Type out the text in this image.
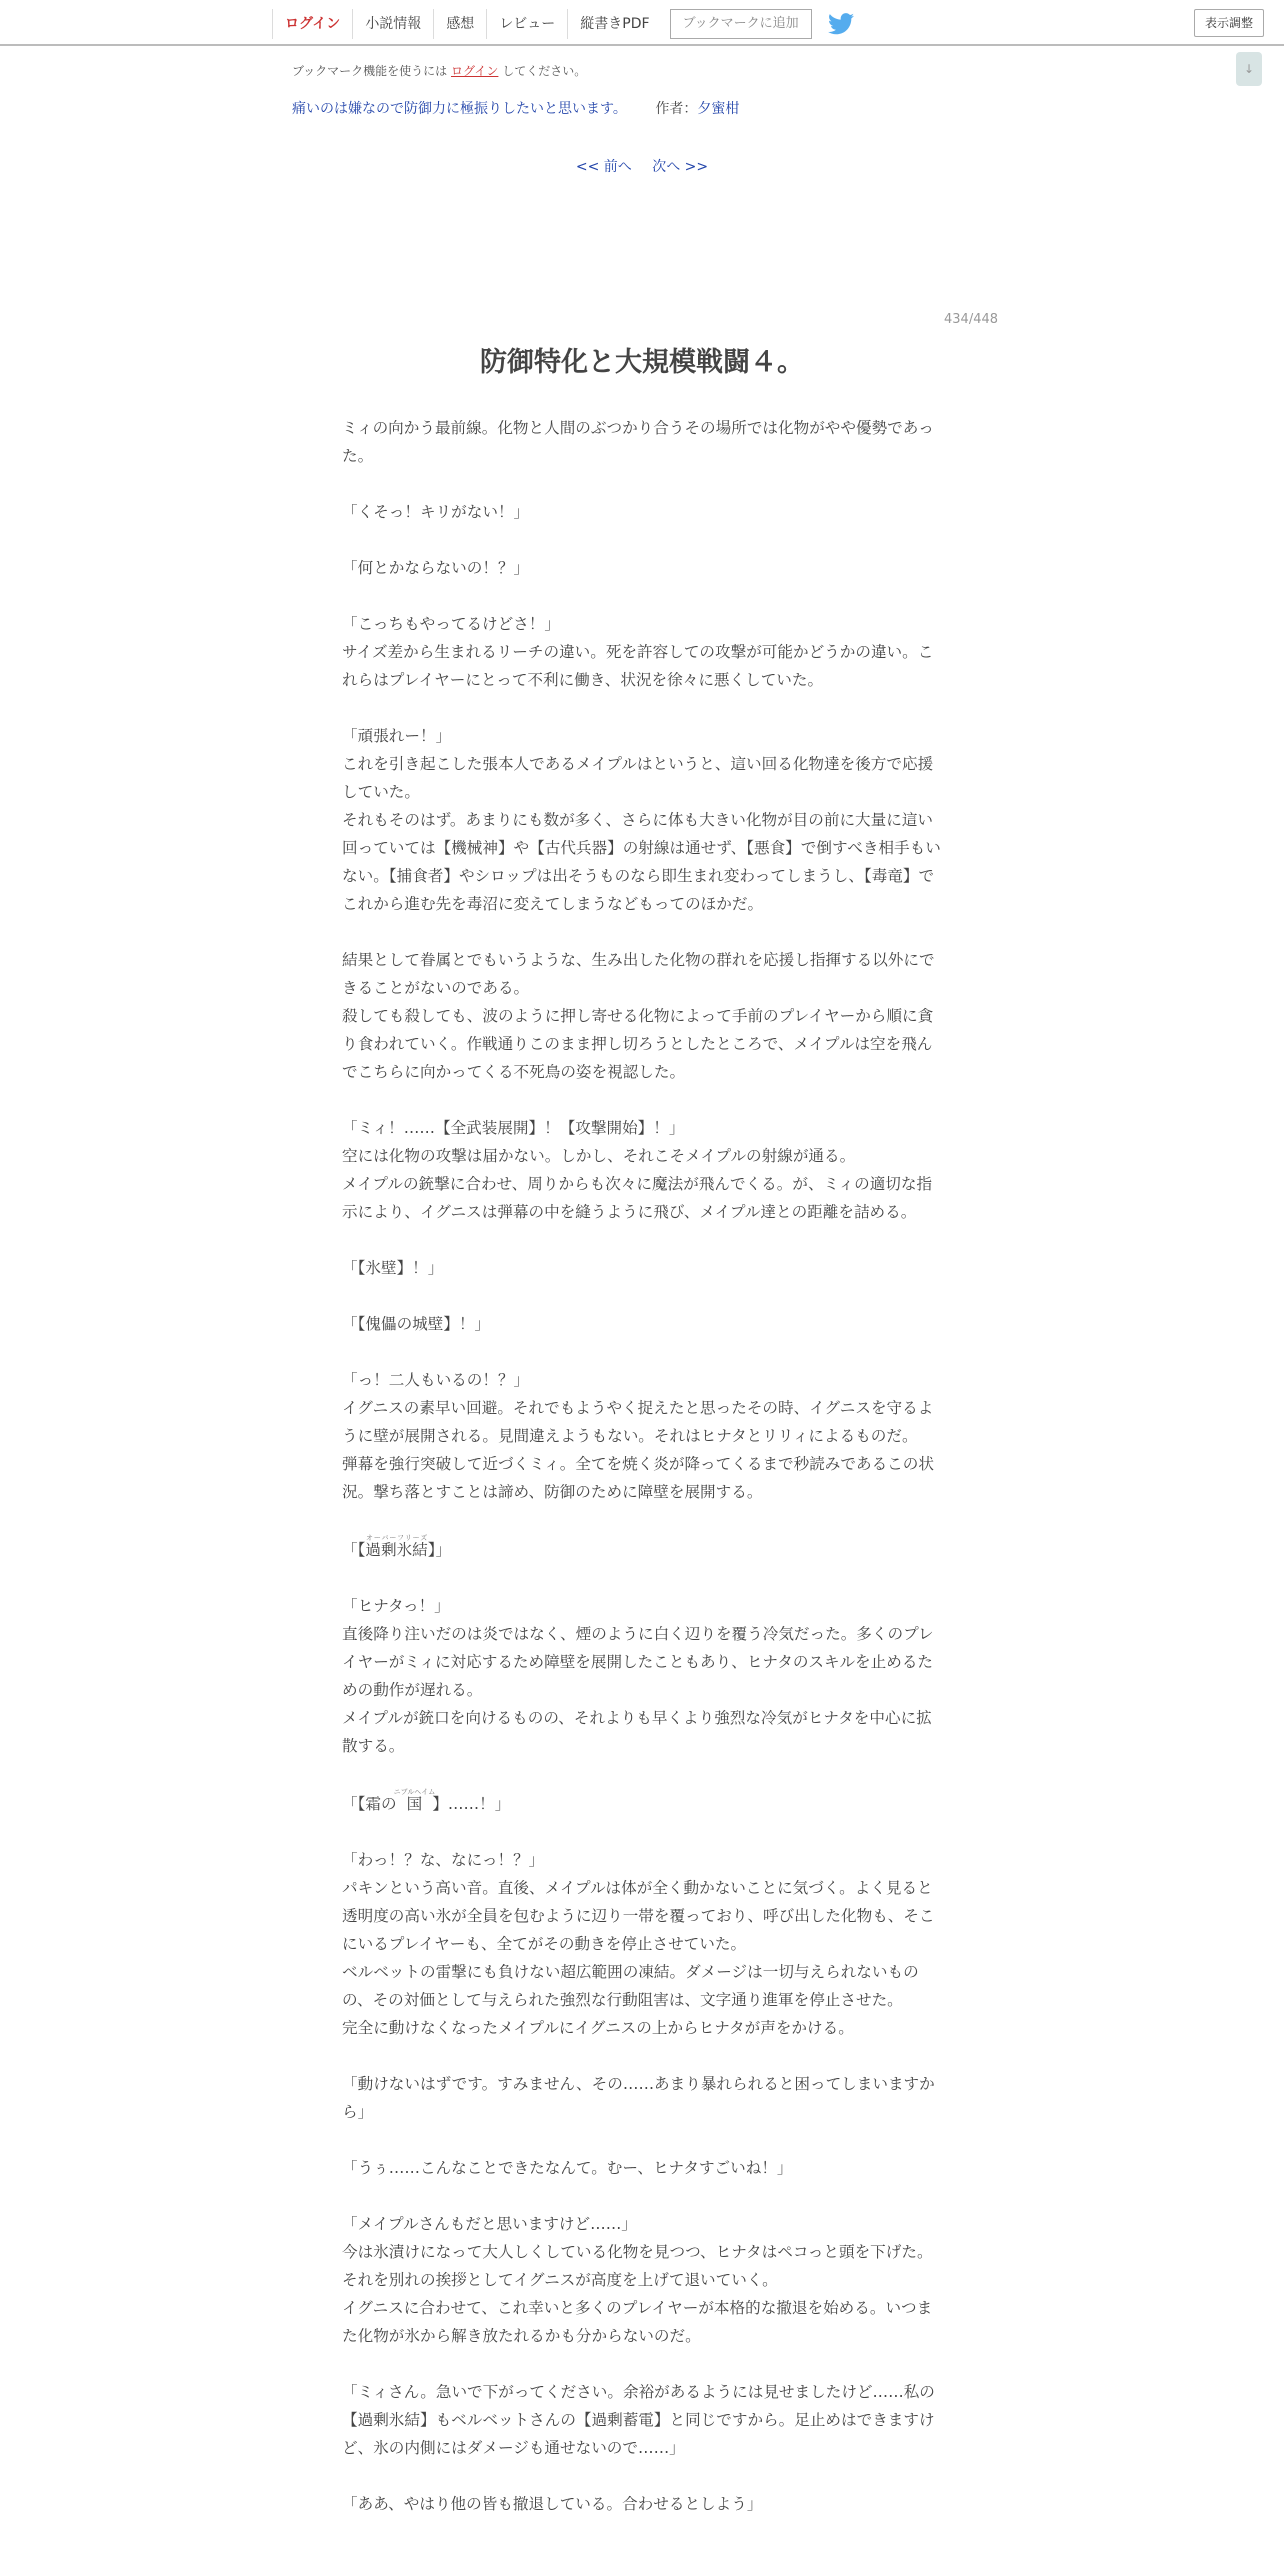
ログイン	小説情報	感想	レビュー	縦書きPDF	ブックマークに追加	表示調整
↓
ブックマーク機能を使うには ログイン してください。
痛いのは嫌なので防御力に極振りしたいと思います。 作者：夕蜜柑
<< 前へ 次へ >>
434/448
防御特化と大規模戦闘４。

ミィの向かう最前線。化物と人間のぶつかり合うその場所では化物がやや優勢であった。

「くそっ！キリがない！」

「何とかならないの！？」

「こっちもやってるけどさ！」

サイズ差から生まれるリーチの違い。死を許容しての攻撃が可能かどうかの違い。これらはプレイヤーにとって不利に働き、状況を徐々に悪くしていた。

「頑張れー！」

これを引き起こした張本人であるメイプルはというと、這い回る化物達を後方で応援していた。

それもそのはず。あまりにも数が多く、さらに体も大きい化物が目の前に大量に這い回っていては【機械神】や【古代兵器】の射線は通せず、【悪食】で倒すべき相手もいない。【捕食者】やシロップは出そうものなら即生まれ変わってしまうし、【毒竜】でこれから進む先を毒沼に変えてしまうなどもってのほかだ。

結果として眷属とでもいうような、生み出した化物の群れを応援し指揮する以外にできることがないのである。

殺しても殺しても、波のように押し寄せる化物によって手前のプレイヤーから順に貪り食われていく。作戦通りこのまま押し切ろうとしたところで、メイプルは空を飛んでこちらに向かってくる不死鳥の姿を視認した。

「ミィ！……【全武装展開】！【攻撃開始】！」

空には化物の攻撃は届かない。しかし、それこそメイプルの射線が通る。

メイプルの銃撃に合わせ、周りからも次々に魔法が飛んでくる。が、ミィの適切な指示により、イグニスは弾幕の中を縫うように飛び、メイプル達との距離を詰める。

「【氷壁】！」

「【傀儡の城壁】！」

「っ！二人もいるの！？」

イグニスの素早い回避。それでもようやく捉えたと思ったその時、イグニスを守るように壁が展開される。見間違えようもない。それはヒナタとリリィによるものだ。

弾幕を強行突破して近づくミィ。全てを焼く炎が降ってくるまで秒読みであるこの状況。撃ち落とすことは諦め、防御のために障壁を展開する。

「【過剰氷結オーバーフリーズ】」

「ヒナタっ！」

直後降り注いだのは炎ではなく、煙のように白く辺りを覆う冷気だった。多くのプレイヤーがミィに対応するため障壁を展開したこともあり、ヒナタのスキルを止めるための動作が遅れる。

メイプルが銃口を向けるものの、それよりも早くより強烈な冷気がヒナタを中心に拡散する。

「【霜の国ニブルヘイム】……！」

「わっ！？な、なにっ！？」

パキンという高い音。直後、メイプルは体が全く動かないことに気づく。よく見ると透明度の高い氷が全員を包むように辺り一帯を覆っており、呼び出した化物も、そこにいるプレイヤーも、全てがその動きを停止させていた。

ベルベットの雷撃にも負けない超広範囲の凍結。ダメージは一切与えられないものの、その対価として与えられた強烈な行動阻害は、文字通り進軍を停止させた。

完全に動けなくなったメイプルにイグニスの上からヒナタが声をかける。

「動けないはずです。すみません、その……あまり暴れられると困ってしまいますから」

「うぅ……こんなことできたなんて。むー、ヒナタすごいね！」

「メイプルさんもだと思いますけど……」

今は氷漬けになって大人しくしている化物を見つつ、ヒナタはペコっと頭を下げた。それを別れの挨拶としてイグニスが高度を上げて退いていく。

イグニスに合わせて、これ幸いと多くのプレイヤーが本格的な撤退を始める。いつまた化物が氷から解き放たれるかも分からないのだ。

「ミィさん。急いで下がってください。余裕があるようには見せましたけど……私の【過剰氷結】もベルベットさんの【過剰蓄電】と同じですから。足止めはできますけど、氷の内側にはダメージも通せないので……」

「ああ、やはり他の皆も撤退している。合わせるとしよう」
